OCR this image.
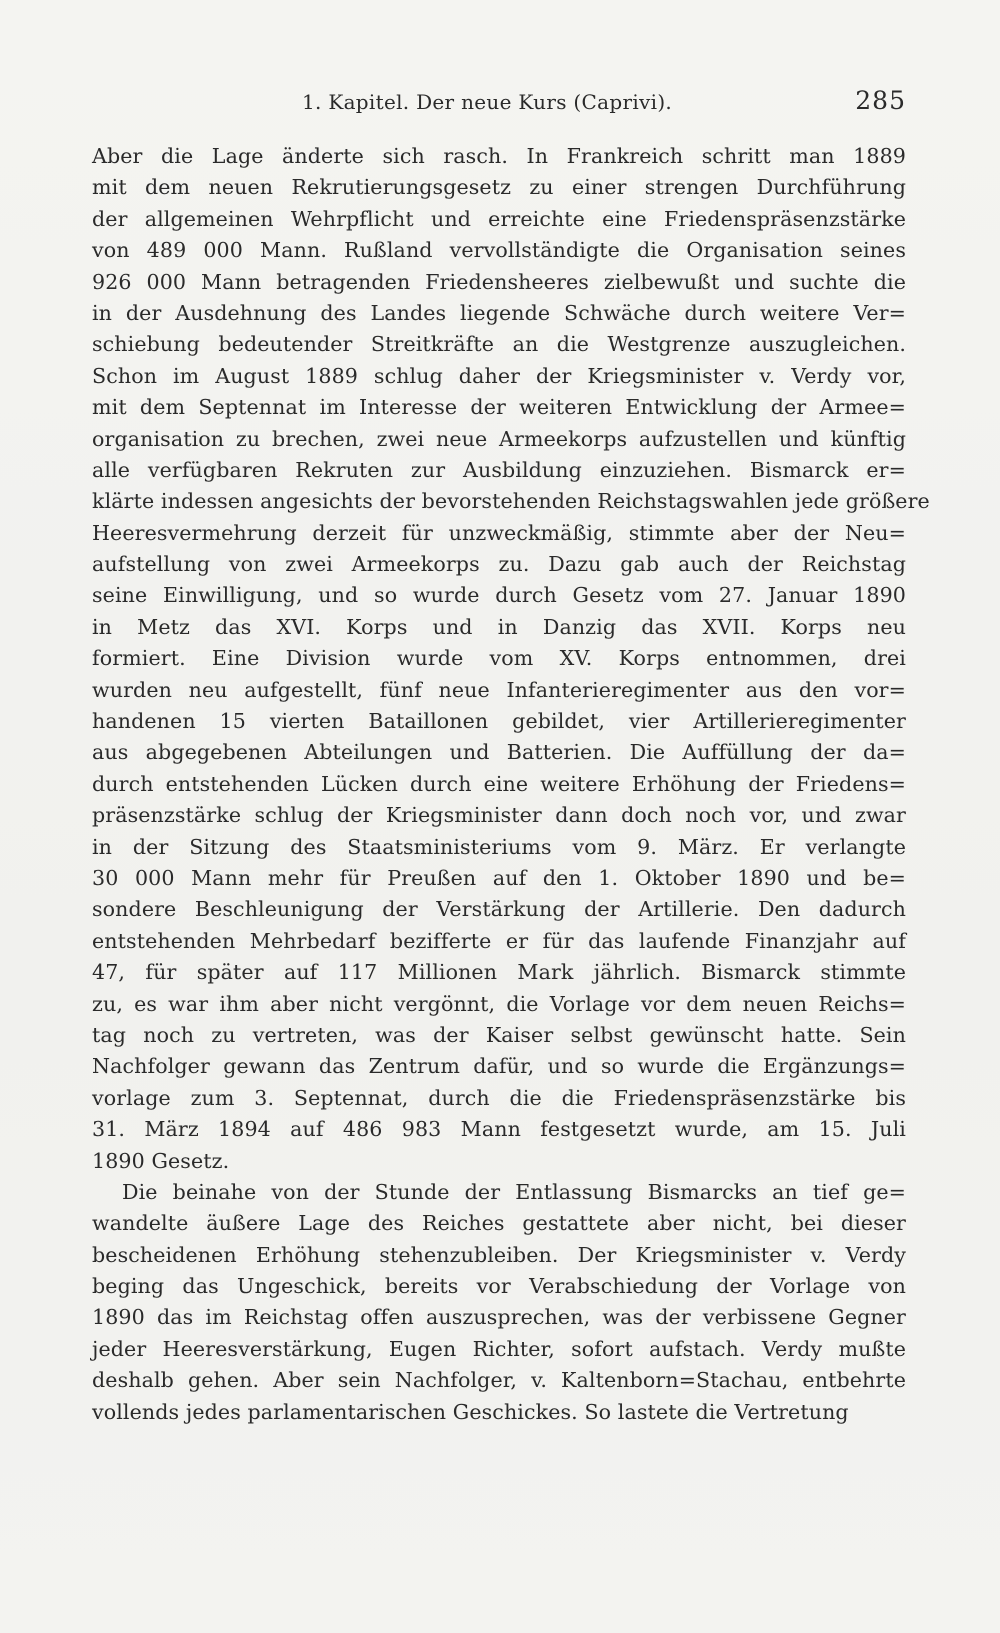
1. Kapitel. Der neue Kurs (Caprivi).	285
Aber die Lage änderte sich rasch. In Frankreich schritt man 1889
mit dem neuen Rekrutierungsgesetz zu einer strengen Durchführung
der allgemeinen Wehrpflicht und erreichte eine Friedenspräsenzstärke
von 489 000 Mann. Rußland vervollständigte die Organisation seines
926 000 Mann betragenden Friedensheeres zielbewußt und suchte die
in der Ausdehnung des Landes liegende Schwäche durch weitere Ver=
schiebung bedeutender Streitkräfte an die Westgrenze auszugleichen.
Schon im August 1889 schlug daher der Kriegsminister v. Verdy vor,
mit dem Septennat im Interesse der weiteren Entwicklung der Armee=
organisation zu brechen, zwei neue Armeekorps aufzustellen und künftig
alle verfügbaren Rekruten zur Ausbildung einzuziehen. Bismarck er=
klärte indessen angesichts der bevorstehenden Reichstagswahlen jede größere
Heeresvermehrung derzeit für unzweckmäßig, stimmte aber der Neu=
aufstellung von zwei Armeekorps zu. Dazu gab auch der Reichstag
seine Einwilligung, und so wurde durch Gesetz vom 27. Januar 1890
in Metz das XVI. Korps und in Danzig das XVII. Korps neu
formiert. Eine Division wurde vom XV. Korps entnommen, drei
wurden neu aufgestellt, fünf neue Infanterieregimenter aus den vor=
handenen 15 vierten Bataillonen gebildet, vier Artillerieregimenter
aus abgegebenen Abteilungen und Batterien. Die Auffüllung der da=
durch entstehenden Lücken durch eine weitere Erhöhung der Friedens=
präsenzstärke schlug der Kriegsminister dann doch noch vor, und zwar
in der Sitzung des Staatsministeriums vom 9. März. Er verlangte
30 000 Mann mehr für Preußen auf den 1. Oktober 1890 und be=
sondere Beschleunigung der Verstärkung der Artillerie. Den dadurch
entstehenden Mehrbedarf bezifferte er für das laufende Finanzjahr auf
47, für später auf 117 Millionen Mark jährlich. Bismarck stimmte
zu, es war ihm aber nicht vergönnt, die Vorlage vor dem neuen Reichs=
tag noch zu vertreten, was der Kaiser selbst gewünscht hatte. Sein
Nachfolger gewann das Zentrum dafür, und so wurde die Ergänzungs=
vorlage zum 3. Septennat, durch die die Friedenspräsenzstärke bis
31. März 1894 auf 486 983 Mann festgesetzt wurde, am 15. Juli
1890 Gesetz.
Die beinahe von der Stunde der Entlassung Bismarcks an tief ge=
wandelte äußere Lage des Reiches gestattete aber nicht, bei dieser
bescheidenen Erhöhung stehenzubleiben. Der Kriegsminister v. Verdy
beging das Ungeschick, bereits vor Verabschiedung der Vorlage von
1890 das im Reichstag offen auszusprechen, was der verbissene Gegner
jeder Heeresverstärkung, Eugen Richter, sofort aufstach. Verdy mußte
deshalb gehen. Aber sein Nachfolger, v. Kaltenborn=Stachau, entbehrte
vollends jedes parlamentarischen Geschickes. So lastete die Vertretung
